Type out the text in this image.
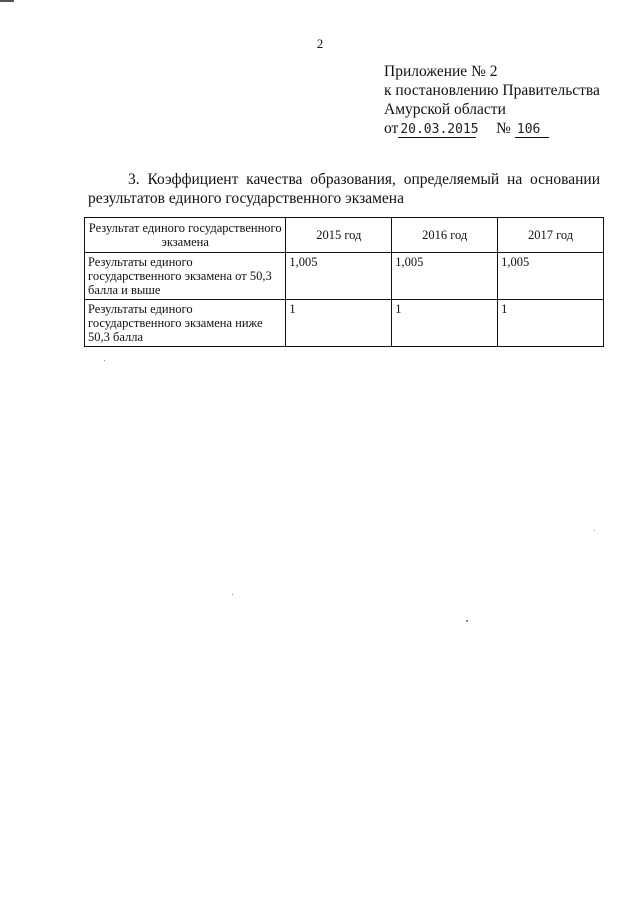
2
Приложение № 2
к постановлению Правительства
Амурской области
от 20.03.2015 № 106
3. Коэффициент качества образования, определяемый на основании результатов единого государственного экзамена
Результат единого государственного экзамена	2015 год	2016 год	2017 год
Результаты единого государственного экзамена от 50,3 балла и выше	1,005	1,005	1,005
Результаты единого государственного экзамена ниже 50,3 балла	1	1	1
